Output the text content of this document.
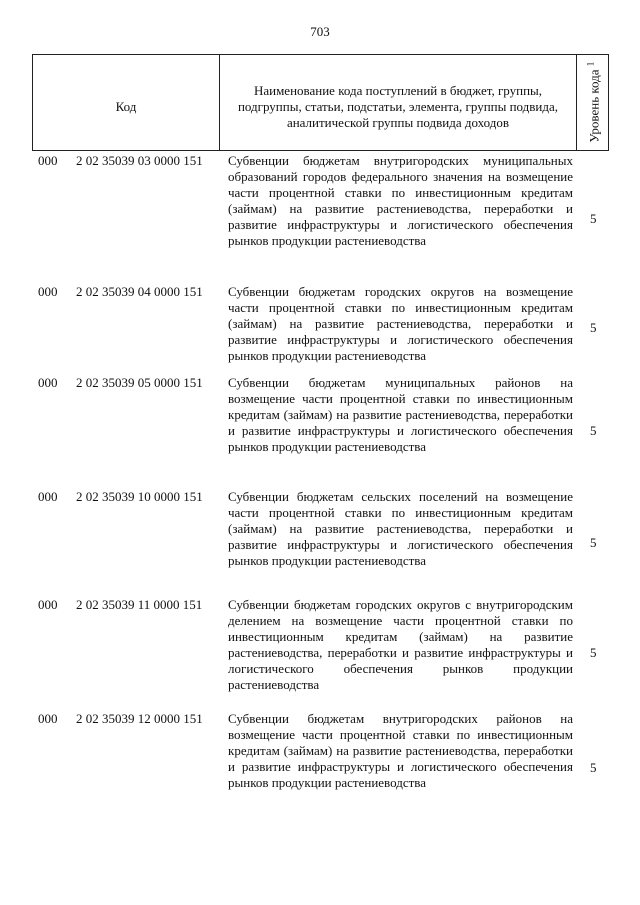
703
Код
Наименование кода поступлений в бюджет, группы, подгруппы, статьи, подстатьи, элемента, группы подвида, аналитической группы подвида доходов	Уровень кода $^1$
000 2 02 35039 03 0000 151 Субвенции бюджетам внутригородских муниципальных образований городов федерального значения на возмещение части процентной ставки по инвестиционным кредитам (займам) на развитие растениеводства, переработки и развитие инфраструктуры и логистического обеспечения рынков продукции растениеводства
5
000 2 02 35039 04 0000 151 Субвенции бюджетам городских округов на возмещение части процентной ставки по инвестиционным кредитам (займам) на развитие растениеводства, переработки и развитие инфраструктуры и логистического обеспечения рынков продукции растениеводства
5
000 2 02 35039 05 0000 151 Субвенции бюджетам муниципальных районов на возмещение части процентной ставки по инвестиционным кредитам (займам) на развитие растениеводства, переработки и развитие инфраструктуры и логистического обеспечения рынков продукции растениеводства
5
000 2 02 35039 10 0000 151 Субвенции бюджетам сельских поселений на возмещение части процентной ставки по инвестиционным кредитам (займам) на развитие растениеводства, переработки и развитие инфраструктуры и логистического обеспечения рынков продукции растениеводства
5
000 2 02 35039 11 0000 151 Субвенции бюджетам городских округов с внутригородским делением на возмещение части процентной ставки по инвестиционным кредитам (займам) на развитие растениеводства, переработки и развитие инфраструктуры и логистического обеспечения рынков продукции растениеводства
5
000 2 02 35039 12 0000 151 Субвенции бюджетам внутригородских районов на возмещение части процентной ставки по инвестиционным кредитам (займам) на развитие растениеводства, переработки и развитие инфраструктуры и логистического обеспечения рынков продукции растениеводства
5
